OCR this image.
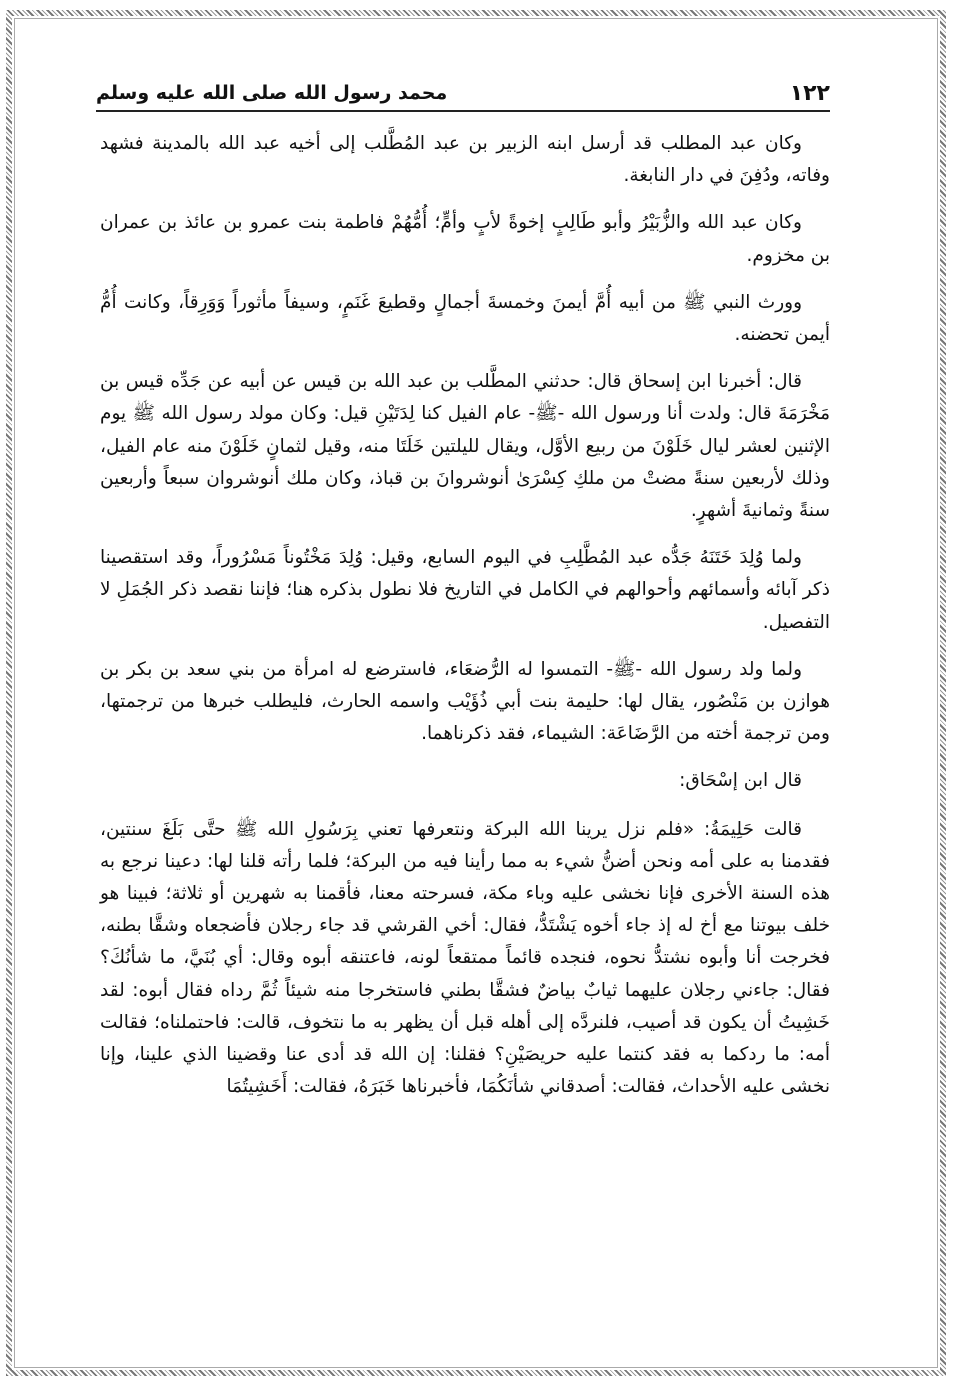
١٢٢
محمد رسول الله صلى الله عليه وسلم

وكان عبد المطلب قد أرسل ابنه الزبير بن عبد المُطَّلب إلى أخيه عبد الله بالمدينة فشهد وفاته، ودُفِنَ في دار النابغة.

وكان عبد الله والزُّبَيْرُ وأبو طَالِبٍ إخوةً لأبٍ وأمٍّ؛ أُمُّهُمْ فاطمة بنت عمرو بن عائذ بن عمران بن مخزوم.

وورث النبي ﷺ من أبيه أُمَّ أيمنَ وخمسةَ أجمالٍ وقطيعَ غَنَمٍ، وسيفاً مأثوراً وَوَرِقاً، وكانت أُمُّ أيمن تحضنه.

قال: أخبرنا ابن إسحاق قال: حدثني المطَّلب بن عبد الله بن قيس عن أبيه عن جَدِّه قيس بن مَخْرَمَةَ قال: ولدت أنا ورسول الله -ﷺ- عام الفيل كنا لِدَتَيْنِ قيل: وكان مولد رسول الله ﷺ يوم الإثنين لعشر ليال خَلَوْنَ من ربيع الأوَّل، ويقال لليلتين خَلَتَا منه، وقيل لثمانٍ خَلَوْنَ منه عام الفيل، وذلك لأربعين سنةً مضتْ من ملكِ كِسْرَىٰ أنوشروانَ بن قباذ، وكان ملك أنوشروان سبعاً وأربعين سنةً وثمانيةَ أشهرٍ.

ولما وُلِدَ خَتَنَهُ جَدُّه عبد المُطَّلِبِ في اليوم السابع، وقيل: وُلِدَ مَخْتُوناً مَسْرُوراً، وقد استقصينا ذكر آبائه وأسمائهم وأحوالهم في الكامل في التاريخ فلا نطول بذكره هنا؛ فإننا نقصد ذكر الجُمَلِ لا التفصيل.

ولما ولد رسول الله -ﷺ- التمسوا له الرُّضعَاء، فاسترضع له امرأة من بني سعد بن بكر بن هوازن بن مَنْصُور، يقال لها: حليمة بنت أبي ذُؤَيْب واسمه الحارث، فليطلب خبرها من ترجمتها، ومن ترجمة أخته من الرَّضَاعَة: الشيماء، فقد ذكرناهما.

قال ابن إسْحَاق:

قالت حَلِيمَةُ: «فلم نزل يرينا الله البركة ونتعرفها تعني بِرَسُولِ الله ﷺ حتَّى بَلَغَ سنتين، فقدمنا به على أمه ونحن أضنُّ شيء به مما رأينا فيه من البركة؛ فلما رأته قلنا لها: دعينا نرجع به هذه السنة الأخرى فإنا نخشى عليه وباء مكة، فسرحته معنا، فأقمنا به شهرين أو ثلاثة؛ فبينا هو خلف بيوتنا مع أخ له إذ جاء أخوه يَشْتَدُّ، فقال: أخي القرشي قد جاء رجلان فأضجعاه وشقَّا بطنه، فخرجت أنا وأبوه نشتدُّ نحوه، فنجده قائماً ممتقعاً لونه، فاعتنقه أبوه وقال: أي بُنَيَّ، ما شأنُكَ؟ فقال: جاءني رجلان عليهما ثيابٌ بياضٌ فشقَّا بطني فاستخرجا منه شيئاً ثُمَّ رداه فقال أبوه: لقد خَشِيتُ أن يكون قد أصيب، فلنردَّه إلى أهله قبل أن يظهر به ما نتخوف، قالت: فاحتملناه؛ فقالت أمه: ما ردكما به فقد كنتما عليه حريصَيْنِ؟ فقلنا: إن الله قد أدى عنا وقضينا الذي علينا، وإنا نخشى عليه الأحداث، فقالت: أصدقاني شأنَكُمَا، فأخبرناها خَبَرَهُ، فقالت: أَخَشِيتُمَا
